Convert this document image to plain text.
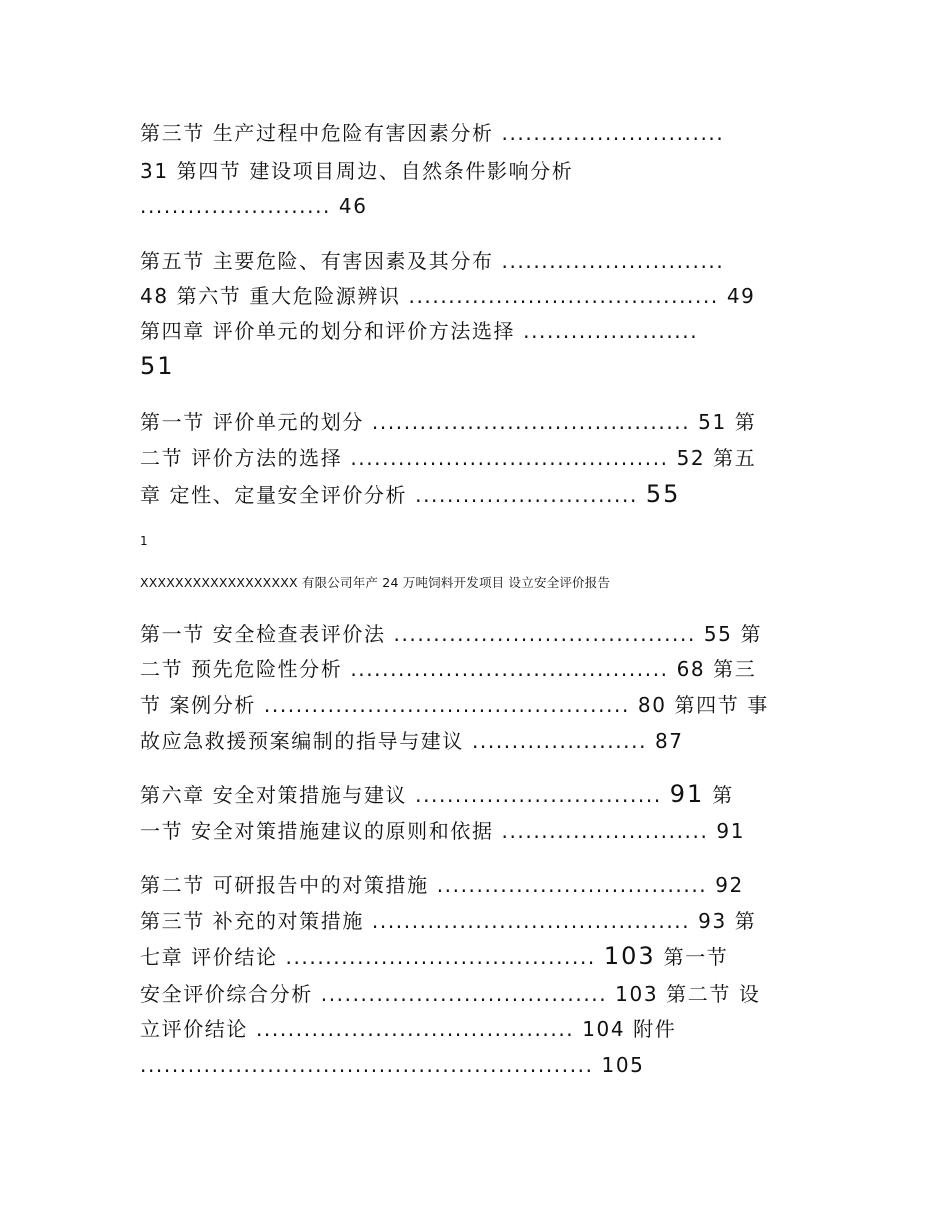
第三节 生产过程中危险有害因素分析 ............................
31 第四节 建设项目周边、自然条件影响分析
........................ 46
第五节 主要危险、有害因素及其分布 ............................
48 第六节 重大危险源辨识 ....................................... 49
第四章 评价单元的划分和评价方法选择 ......................
51
第一节 评价单元的划分 ........................................ 51 第
二节 评价方法的选择 ........................................ 52 第五
章 定性、定量安全评价分析 ............................ 55
1
XXXXXXXXXXXXXXXXXX 有限公司年产 24 万吨饲料开发项目 设立安全评价报告
第一节 安全检查表评价法 ...................................... 55 第
二节 预先危险性分析 ........................................ 68 第三
节 案例分析 .............................................. 80 第四节 事
故应急救援预案编制的指导与建议 ...................... 87
第六章 安全对策措施与建议 ............................... 91 第
一节 安全对策措施建议的原则和依据 .......................... 91
第二节 可研报告中的对策措施 .................................. 92
第三节 补充的对策措施 ........................................ 93 第
七章 评价结论 ....................................... 103 第一节
安全评价综合分析 .................................... 103 第二节 设
立评价结论 ........................................ 104 附件
......................................................... 105
